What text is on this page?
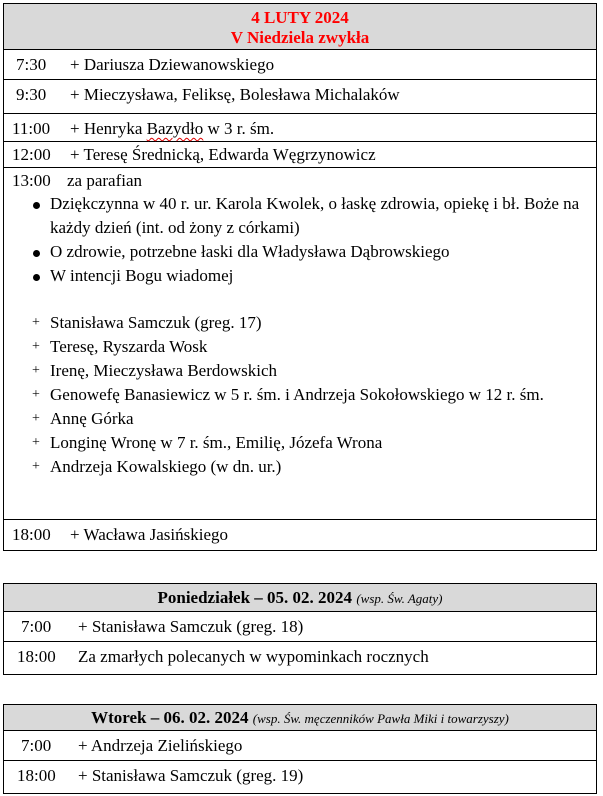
4 LUTY 2024
V Niedziela zwykła
7:30 + Dariusza Dziewanowskiego
9:30 + Mieczysława, Feliksę, Bolesława Michalaków
11:00 + Henryka Bazydło w 3 r. śm.
12:00 + Teresę Średnicką, Edwarda Węgrzynowicz
13:00 za parafian
Dziękczynna w 40 r. ur. Karola Kwolek, o łaskę zdrowia, opiekę i bł. Boże na każdy dzień (int. od żony z córkami)
O zdrowie, potrzebne łaski dla Władysława Dąbrowskiego
W intencji Bogu wiadomej
+ Stanisława Samczuk (greg. 17)
+ Teresę, Ryszarda Wosk
+ Irenę, Mieczysława Berdowskich
+ Genowefę Banasiewicz w 5 r. śm. i Andrzeja Sokołowskiego w 12 r. śm.
+ Annę Górka
+ Longinę Wronę w 7 r. śm., Emilię, Józefa Wrona
+ Andrzeja Kowalskiego (w dn. ur.)
18:00 + Wacława Jasińskiego
Poniedziałek – 05. 02. 2024 (wsp. Św. Agaty)
7:00 + Stanisława Samczuk (greg. 18)
18:00 Za zmarłych polecanych w wypominkach rocznych
Wtorek – 06. 02. 2024 (wsp. Św. męczenników Pawła Miki i towarzyszy)
7:00 + Andrzeja Zielińskiego
18:00 + Stanisława Samczuk (greg. 19)
